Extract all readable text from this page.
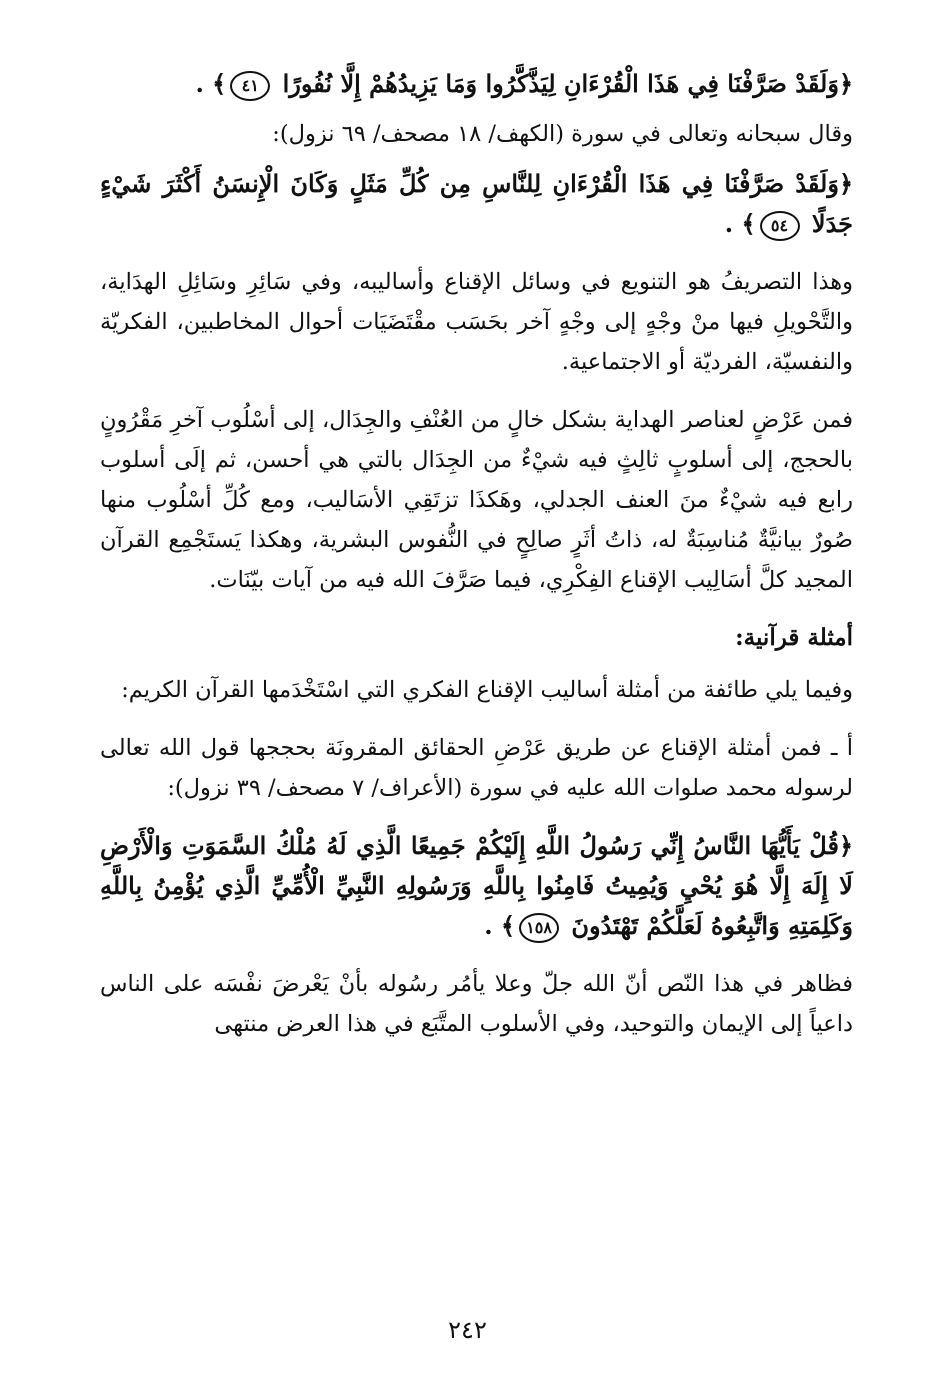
﴿وَلَقَدْ صَرَّفْنَا فِي هَذَا الْقُرْءَانِ لِيَذَّكَّرُوا وَمَا يَزِيدُهُمْ إِلَّا نُفُورًا ٤١﴾ .

وقال سبحانه وتعالى في سورة (الكهف/ ١٨ مصحف/ ٦٩ نزول):

﴿وَلَقَدْ صَرَّفْنَا فِي هَذَا الْقُرْءَانِ لِلنَّاسِ مِن كُلِّ مَثَلٍ وَكَانَ الْإِنسَنُ أَكْثَرَ شَيْءٍ جَدَلًا ٥٤﴾ .

وهذا التصريفُ هو التنويع في وسائل الإقناع وأساليبه، وفي سَائِرِ وسَائِلِ الهدَاية، والتَّحْويلِ فيها منْ وجْهٍ إلى وجْهٍ آخر بحَسَب مقْتَضَيَات أحوال المخاطبين، الفكريّة والنفسيّة، الفرديّة أو الاجتماعية.

فمن عَرْضٍ لعناصر الهداية بشكل خالٍ من العُنْفِ والجِدَال، إلى أسْلُوب آخرِ مَقْرُونٍ بالحجج، إلى أسلوبٍ ثالِثٍ فيه شيْءٌ من الجِدَال بالتي هي أحسن، ثم إلَى أسلوب رابع فيه شيْءٌ منَ العنف الجدلي، وهَكذَا تزتَقِي الأسَاليب، ومع كُلِّ أسْلُوب منها صُورٌ بيانيَّةٌ مُناسِبَةٌ له، ذاتُ أثَرٍ صالِحٍ في النُّفوس البشرية، وهكذا يَستَجْمِع القرآن المجيد كلَّ أسَالِيب الإقناع الفِكْرِي، فيما صَرَّفَ الله فيه من آيات بيّنَات.

أمثلة قرآنية:

وفيما يلي طائفة من أمثلة أساليب الإقناع الفكري التي اسْتَخْدَمها القرآن الكريم:

أ ـ فمن أمثلة الإقناع عن طريق عَرْضِ الحقائق المقرونَة بحججها قول الله تعالى لرسوله محمد صلوات الله عليه في سورة (الأعراف/ ٧ مصحف/ ٣٩ نزول):

﴿قُلْ يَأَيُّهَا النَّاسُ إِنِّي رَسُولُ اللَّهِ إِلَيْكُمْ جَمِيعًا الَّذِي لَهُ مُلْكُ السَّمَوَتِ وَالْأَرْضِ لَا إِلَهَ إِلَّا هُوَ يُحْيِ وَيُمِيتُ فَامِنُوا بِاللَّهِ وَرَسُولِهِ النَّبِيِّ الْأُمِّيِّ الَّذِي يُؤْمِنُ بِاللَّهِ وَكَلِمَتِهِ وَاتَّبِعُوهُ لَعَلَّكُمْ تَهْتَدُونَ ١٥٨﴾ .

فظاهر في هذا النّص أنّ الله جلّ وعلا يأمُر رسُوله بأنْ يَعْرضَ نفْسَه على الناس داعياً إلى الإيمان والتوحيد، وفي الأسلوب المتَّبَع في هذا العرض منتهى

٢٤٢
